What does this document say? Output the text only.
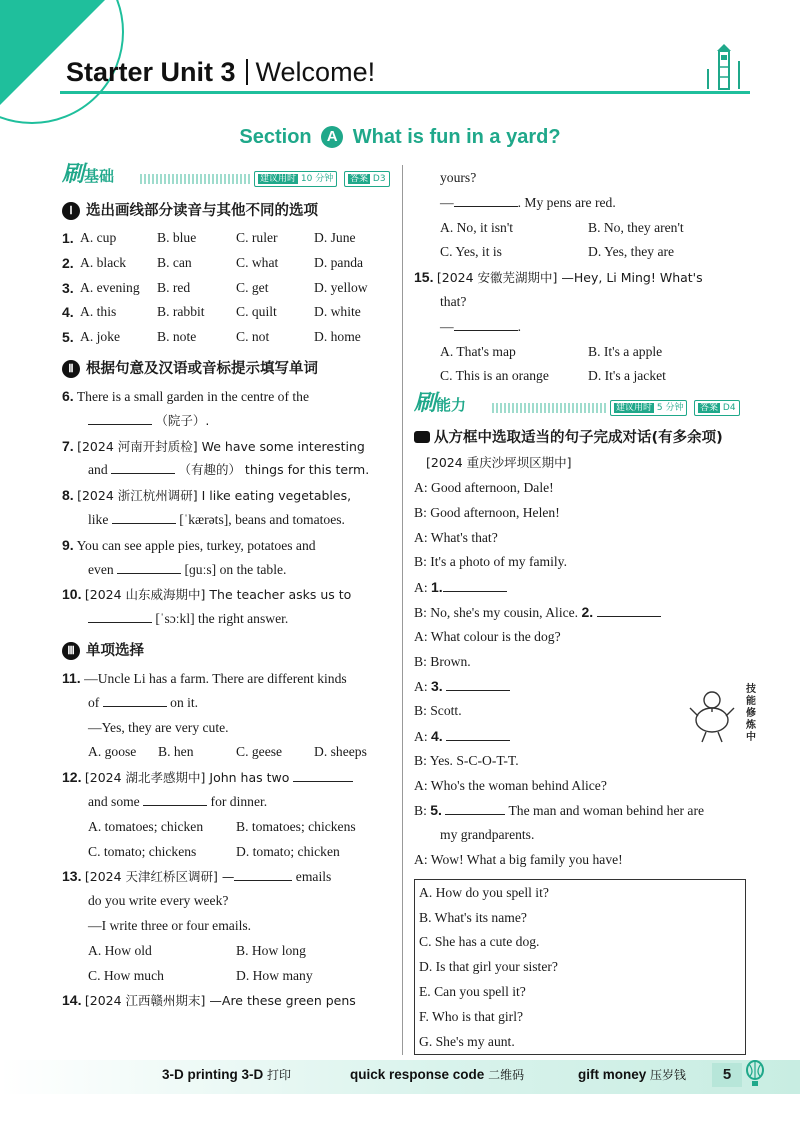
Starter Unit 3 Welcome!
Section A What is fun in a yard?
刷基础	建议用时 10 分钟	答案 D3
Ⅰ 选出画线部分读音与其他不同的选项
1. A. cup	B. blue	C. ruler	D. June
2. A. black B. can	C. what	D. panda
3. A. evening B. red	C. get	D. yellow
4. A. this	B. rabbit C. quilt	D. white
5. A. joke	B. note	C. not	D. home
Ⅱ 根据句意及汉语或音标提示填写单词
6. There is a small garden in the centre of the
（院子）.
7. [2024 河南开封质检] We have some interesting
and	（有趣的） things for this term.
8. [2024 浙江杭州调研] I like eating vegetables,
like	[ˈkærəts], beans and tomatoes.
9. You can see apple pies, turkey, potatoes and
even	[ɡuːs] on the table.
10. [2024 山东威海期中] The teacher asks us to
[ˈsɔːkl] the right answer.
Ⅲ 单项选择
11. —Uncle Li has a farm. There are different kinds
of	on it.
—Yes, they are very cute.
A. goose B. hen	C. geese D. sheeps
12. [2024 湖北孝感期中] John has two
and some	for dinner.
A. tomatoes; chicken B. tomatoes; chickens
C. tomato; chickens	D. tomato; chicken
13. [2024 天津红桥区调研] —	emails
do you write every week?
—I write three or four emails.
A. How old	B. How long
C. How much	D. How many
14. [2024 江西赣州期末] —Are these green pens
yours?
—	. My pens are red.
A. No, it isn't	B. No, they aren't
C. Yes, it is	D. Yes, they are
15. [2024 安徽芜湖期中] —Hey, Li Ming! What's
that?
—	.
A. That's map	B. It's a apple
C. This is an orange	D. It's a jacket
刷能力	建议用时 5 分钟	答案 D4
从方框中选取适当的句子完成对话(有多余项)
[2024 重庆沙坪坝区期中]
A: Good afternoon, Dale!
B: Good afternoon, Helen!
A: What's that?
B: It's a photo of my family.
A: 1.
B: No, she's my cousin, Alice. 2.
A: What colour is the dog?
B: Brown.
A: 3.
B: Scott.
A: 4.
B: Yes. S-C-O-T-T.
A: Who's the woman behind Alice?
B: 5.	The man and woman behind her are
my grandparents.
A: Wow! What a big family you have!
A. How do you spell it?
B. What's its name?
C. She has a cute dog.
D. Is that girl your sister?
E. Can you spell it?
F. Who is that girl?
G. She's my aunt.
技能修炼中
3-D printing 3-D 打印	quick response code 二维码	gift money 压岁钱	5
